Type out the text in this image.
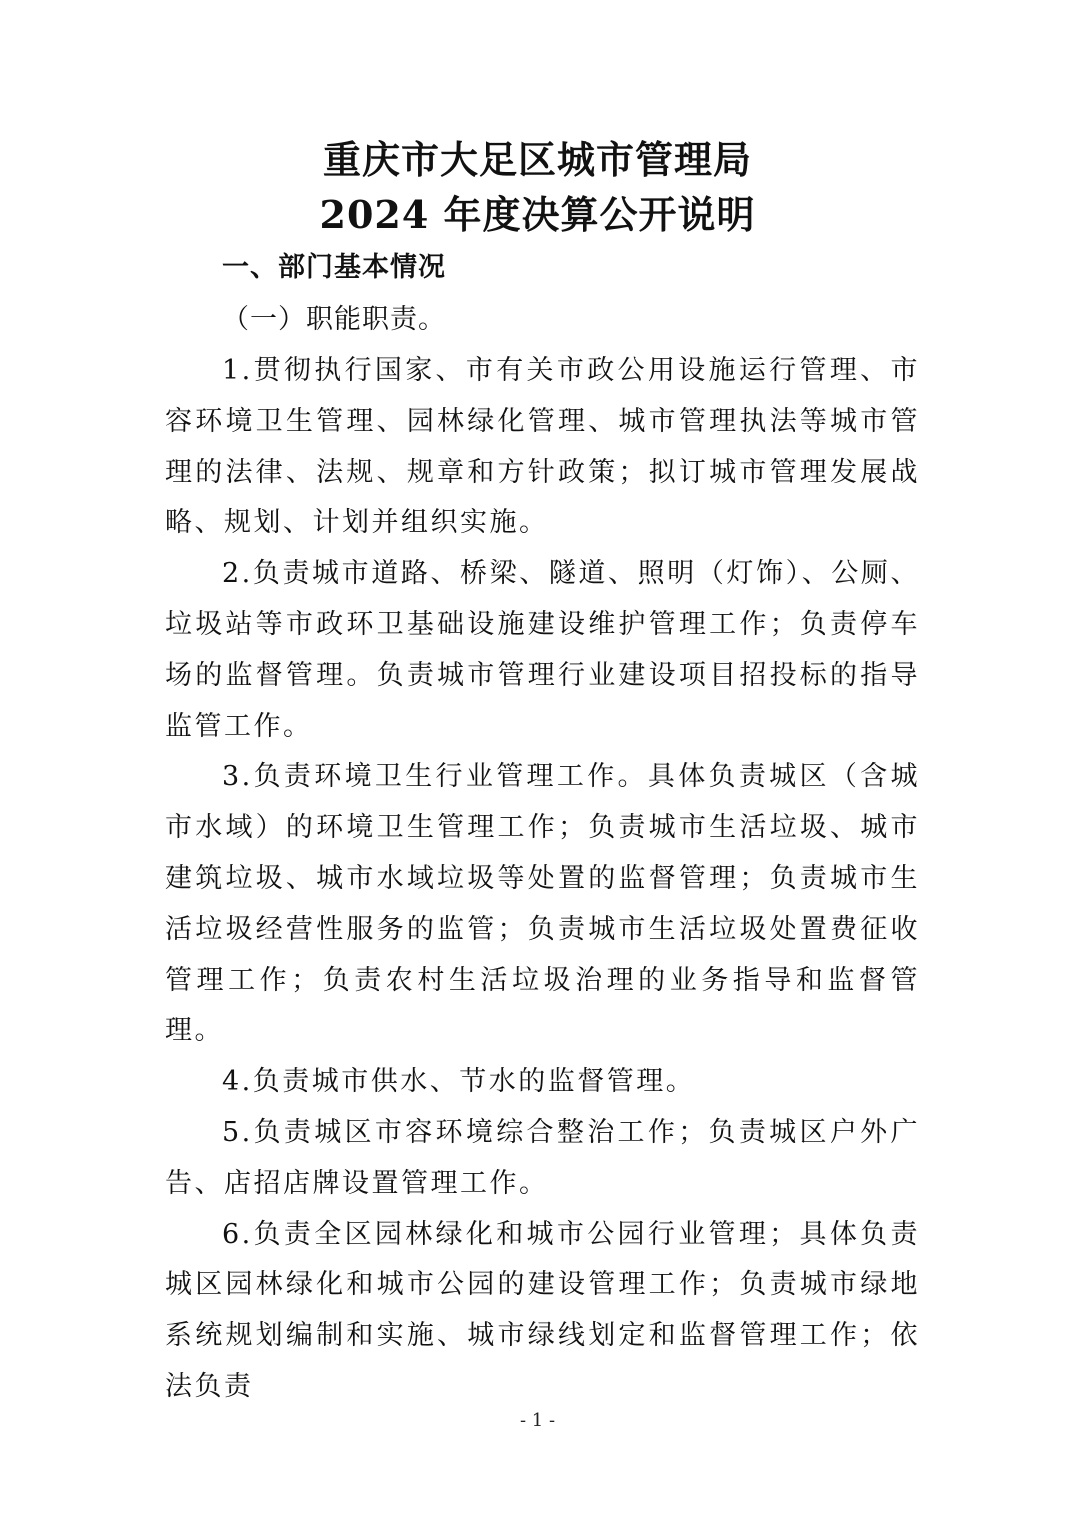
重庆市大足区城市管理局
2024 年度决算公开说明
一、部门基本情况
（一）职能职责。

1.贯彻执行国家、市有关市政公用设施运行管理、市容环境卫生管理、园林绿化管理、城市管理执法等城市管理的法律、法规、规章和方针政策；拟订城市管理发展战略、规划、计划并组织实施。

2.负责城市道路、桥梁、隧道、照明（灯饰）、公厕、垃圾站等市政环卫基础设施建设维护管理工作；负责停车场的监督管理。负责城市管理行业建设项目招投标的指导监管工作。

3.负责环境卫生行业管理工作。具体负责城区（含城市水域）的环境卫生管理工作；负责城市生活垃圾、城市建筑垃圾、城市水域垃圾等处置的监督管理；负责城市生活垃圾经营性服务的监管；负责城市生活垃圾处置费征收管理工作；负责农村生活垃圾治理的业务指导和监督管理。

4.负责城市供水、节水的监督管理。

5.负责城区市容环境综合整治工作；负责城区户外广告、店招店牌设置管理工作。

6.负责全区园林绿化和城市公园行业管理；具体负责城区园林绿化和城市公园的建设管理工作；负责城市绿地系统规划编制和实施、城市绿线划定和监督管理工作；依法负责

- 1 -
